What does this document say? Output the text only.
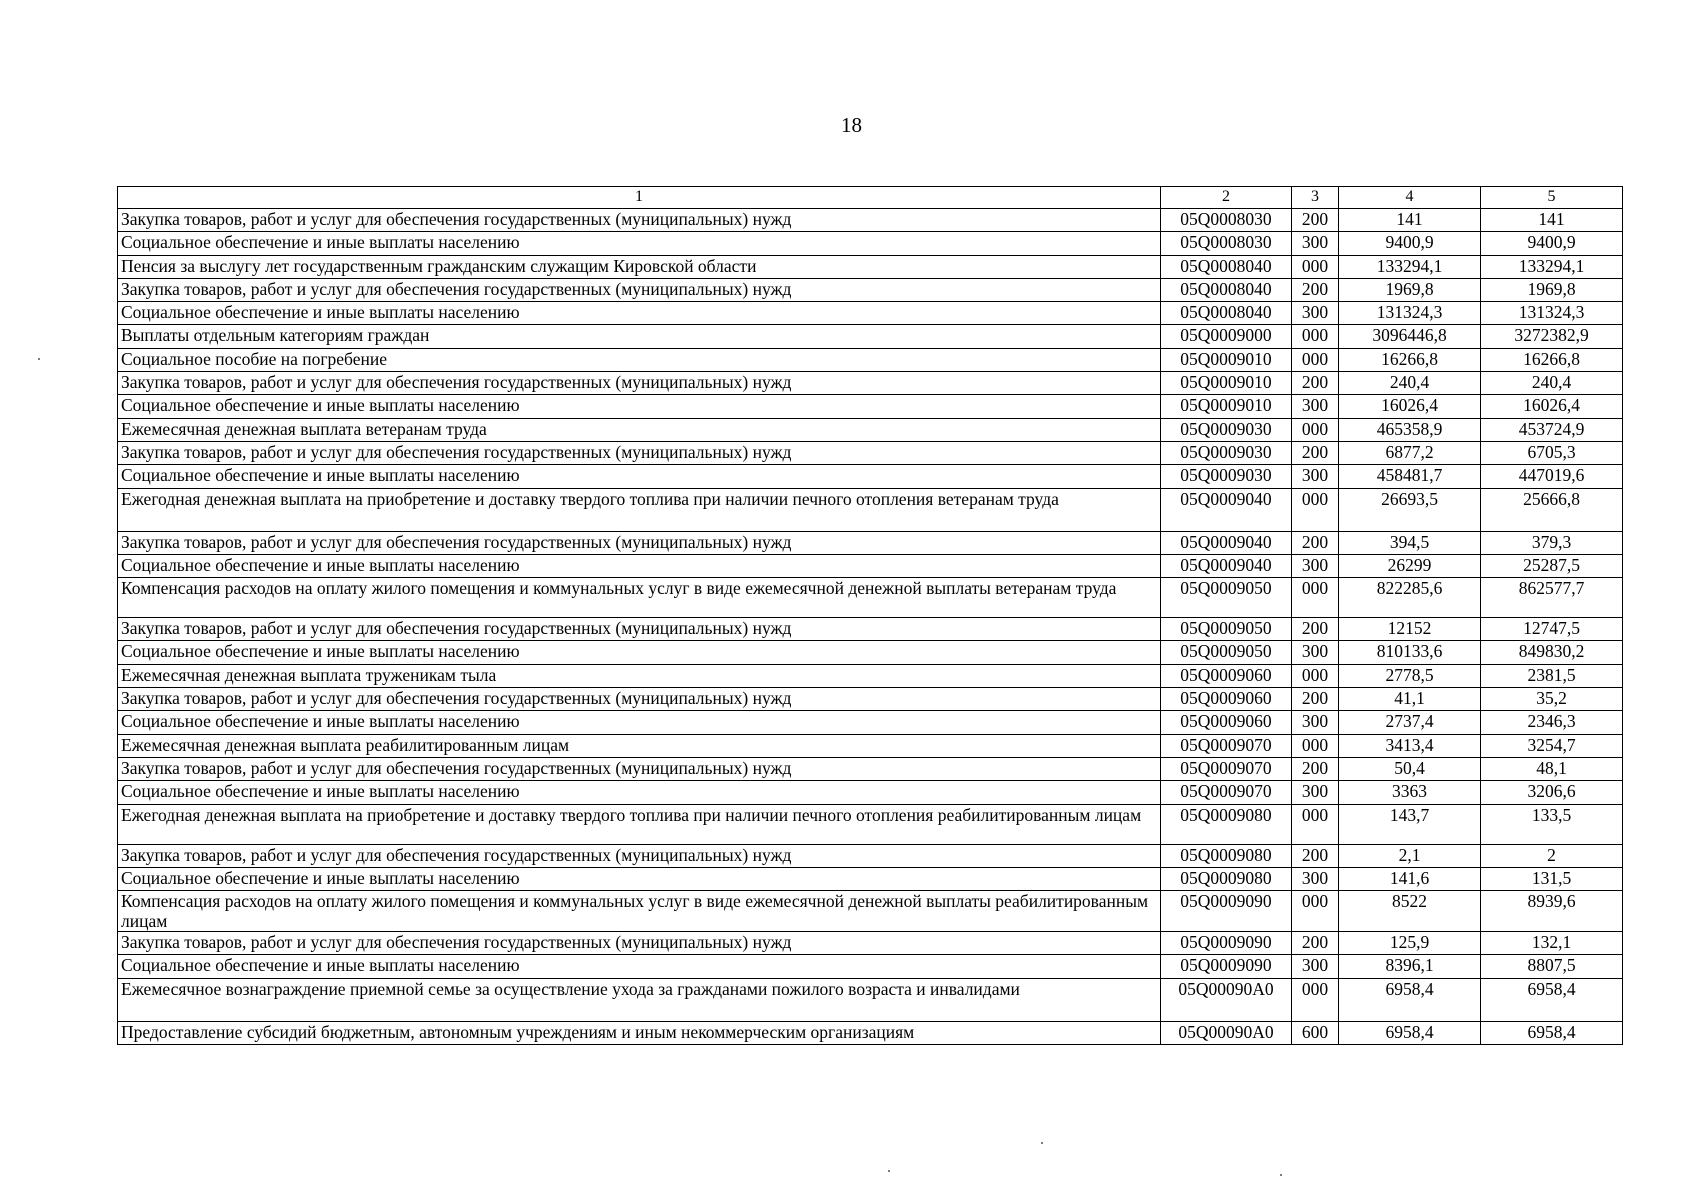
18
1	2	3	4	5
Закупка товаров, работ и услуг для обеспечения государственных (муниципальных) нужд	05Q0008030	200	141	141
Социальное обеспечение и иные выплаты населению	05Q0008030	300	9400,9	9400,9
Пенсия за выслугу лет государственным гражданским служащим Кировской области	05Q0008040	000	133294,1	133294,1
Закупка товаров, работ и услуг для обеспечения государственных (муниципальных) нужд	05Q0008040	200	1969,8	1969,8
Социальное обеспечение и иные выплаты населению	05Q0008040	300	131324,3	131324,3
Выплаты отдельным категориям граждан	05Q0009000	000	3096446,8	3272382,9
Социальное пособие на погребение	05Q0009010	000	16266,8	16266,8
Закупка товаров, работ и услуг для обеспечения государственных (муниципальных) нужд	05Q0009010	200	240,4	240,4
Социальное обеспечение и иные выплаты населению	05Q0009010	300	16026,4	16026,4
Ежемесячная денежная выплата ветеранам труда	05Q0009030	000	465358,9	453724,9
Закупка товаров, работ и услуг для обеспечения государственных (муниципальных) нужд	05Q0009030	200	6877,2	6705,3
Социальное обеспечение и иные выплаты населению	05Q0009030	300	458481,7	447019,6
Ежегодная денежная выплата на приобретение и доставку твердого топлива при наличии печного отопления ветеранам труда	05Q0009040	000	26693,5	25666,8
Закупка товаров, работ и услуг для обеспечения государственных (муниципальных) нужд	05Q0009040	200	394,5	379,3
Социальное обеспечение и иные выплаты населению	05Q0009040	300	26299	25287,5
Компенсация расходов на оплату жилого помещения и коммунальных услуг в виде ежемесячной денежной выплаты ветеранам труда	05Q0009050	000	822285,6	862577,7
Закупка товаров, работ и услуг для обеспечения государственных (муниципальных) нужд	05Q0009050	200	12152	12747,5
Социальное обеспечение и иные выплаты населению	05Q0009050	300	810133,6	849830,2
Ежемесячная денежная выплата труженикам тыла	05Q0009060	000	2778,5	2381,5
Закупка товаров, работ и услуг для обеспечения государственных (муниципальных) нужд	05Q0009060	200	41,1	35,2
Социальное обеспечение и иные выплаты населению	05Q0009060	300	2737,4	2346,3
Ежемесячная денежная выплата реабилитированным лицам	05Q0009070	000	3413,4	3254,7
Закупка товаров, работ и услуг для обеспечения государственных (муниципальных) нужд	05Q0009070	200	50,4	48,1
Социальное обеспечение и иные выплаты населению	05Q0009070	300	3363	3206,6
Ежегодная денежная выплата на приобретение и доставку твердого топлива при наличии печного отопления реабилитированным лицам	05Q0009080	000	143,7	133,5
Закупка товаров, работ и услуг для обеспечения государственных (муниципальных) нужд	05Q0009080	200	2,1	2
Социальное обеспечение и иные выплаты населению	05Q0009080	300	141,6	131,5
Компенсация расходов на оплату жилого помещения и коммунальных услуг в виде ежемесячной денежной выплаты реабилитированным лицам	05Q0009090	000	8522	8939,6
Закупка товаров, работ и услуг для обеспечения государственных (муниципальных) нужд	05Q0009090	200	125,9	132,1
Социальное обеспечение и иные выплаты населению	05Q0009090	300	8396,1	8807,5
Ежемесячное вознаграждение приемной семье за осуществление ухода за гражданами пожилого возраста и инвалидами	05Q00090A0	000	6958,4	6958,4
Предоставление субсидий бюджетным, автономным учреждениям и иным некоммерческим организациям	05Q00090A0	600	6958,4	6958,4
